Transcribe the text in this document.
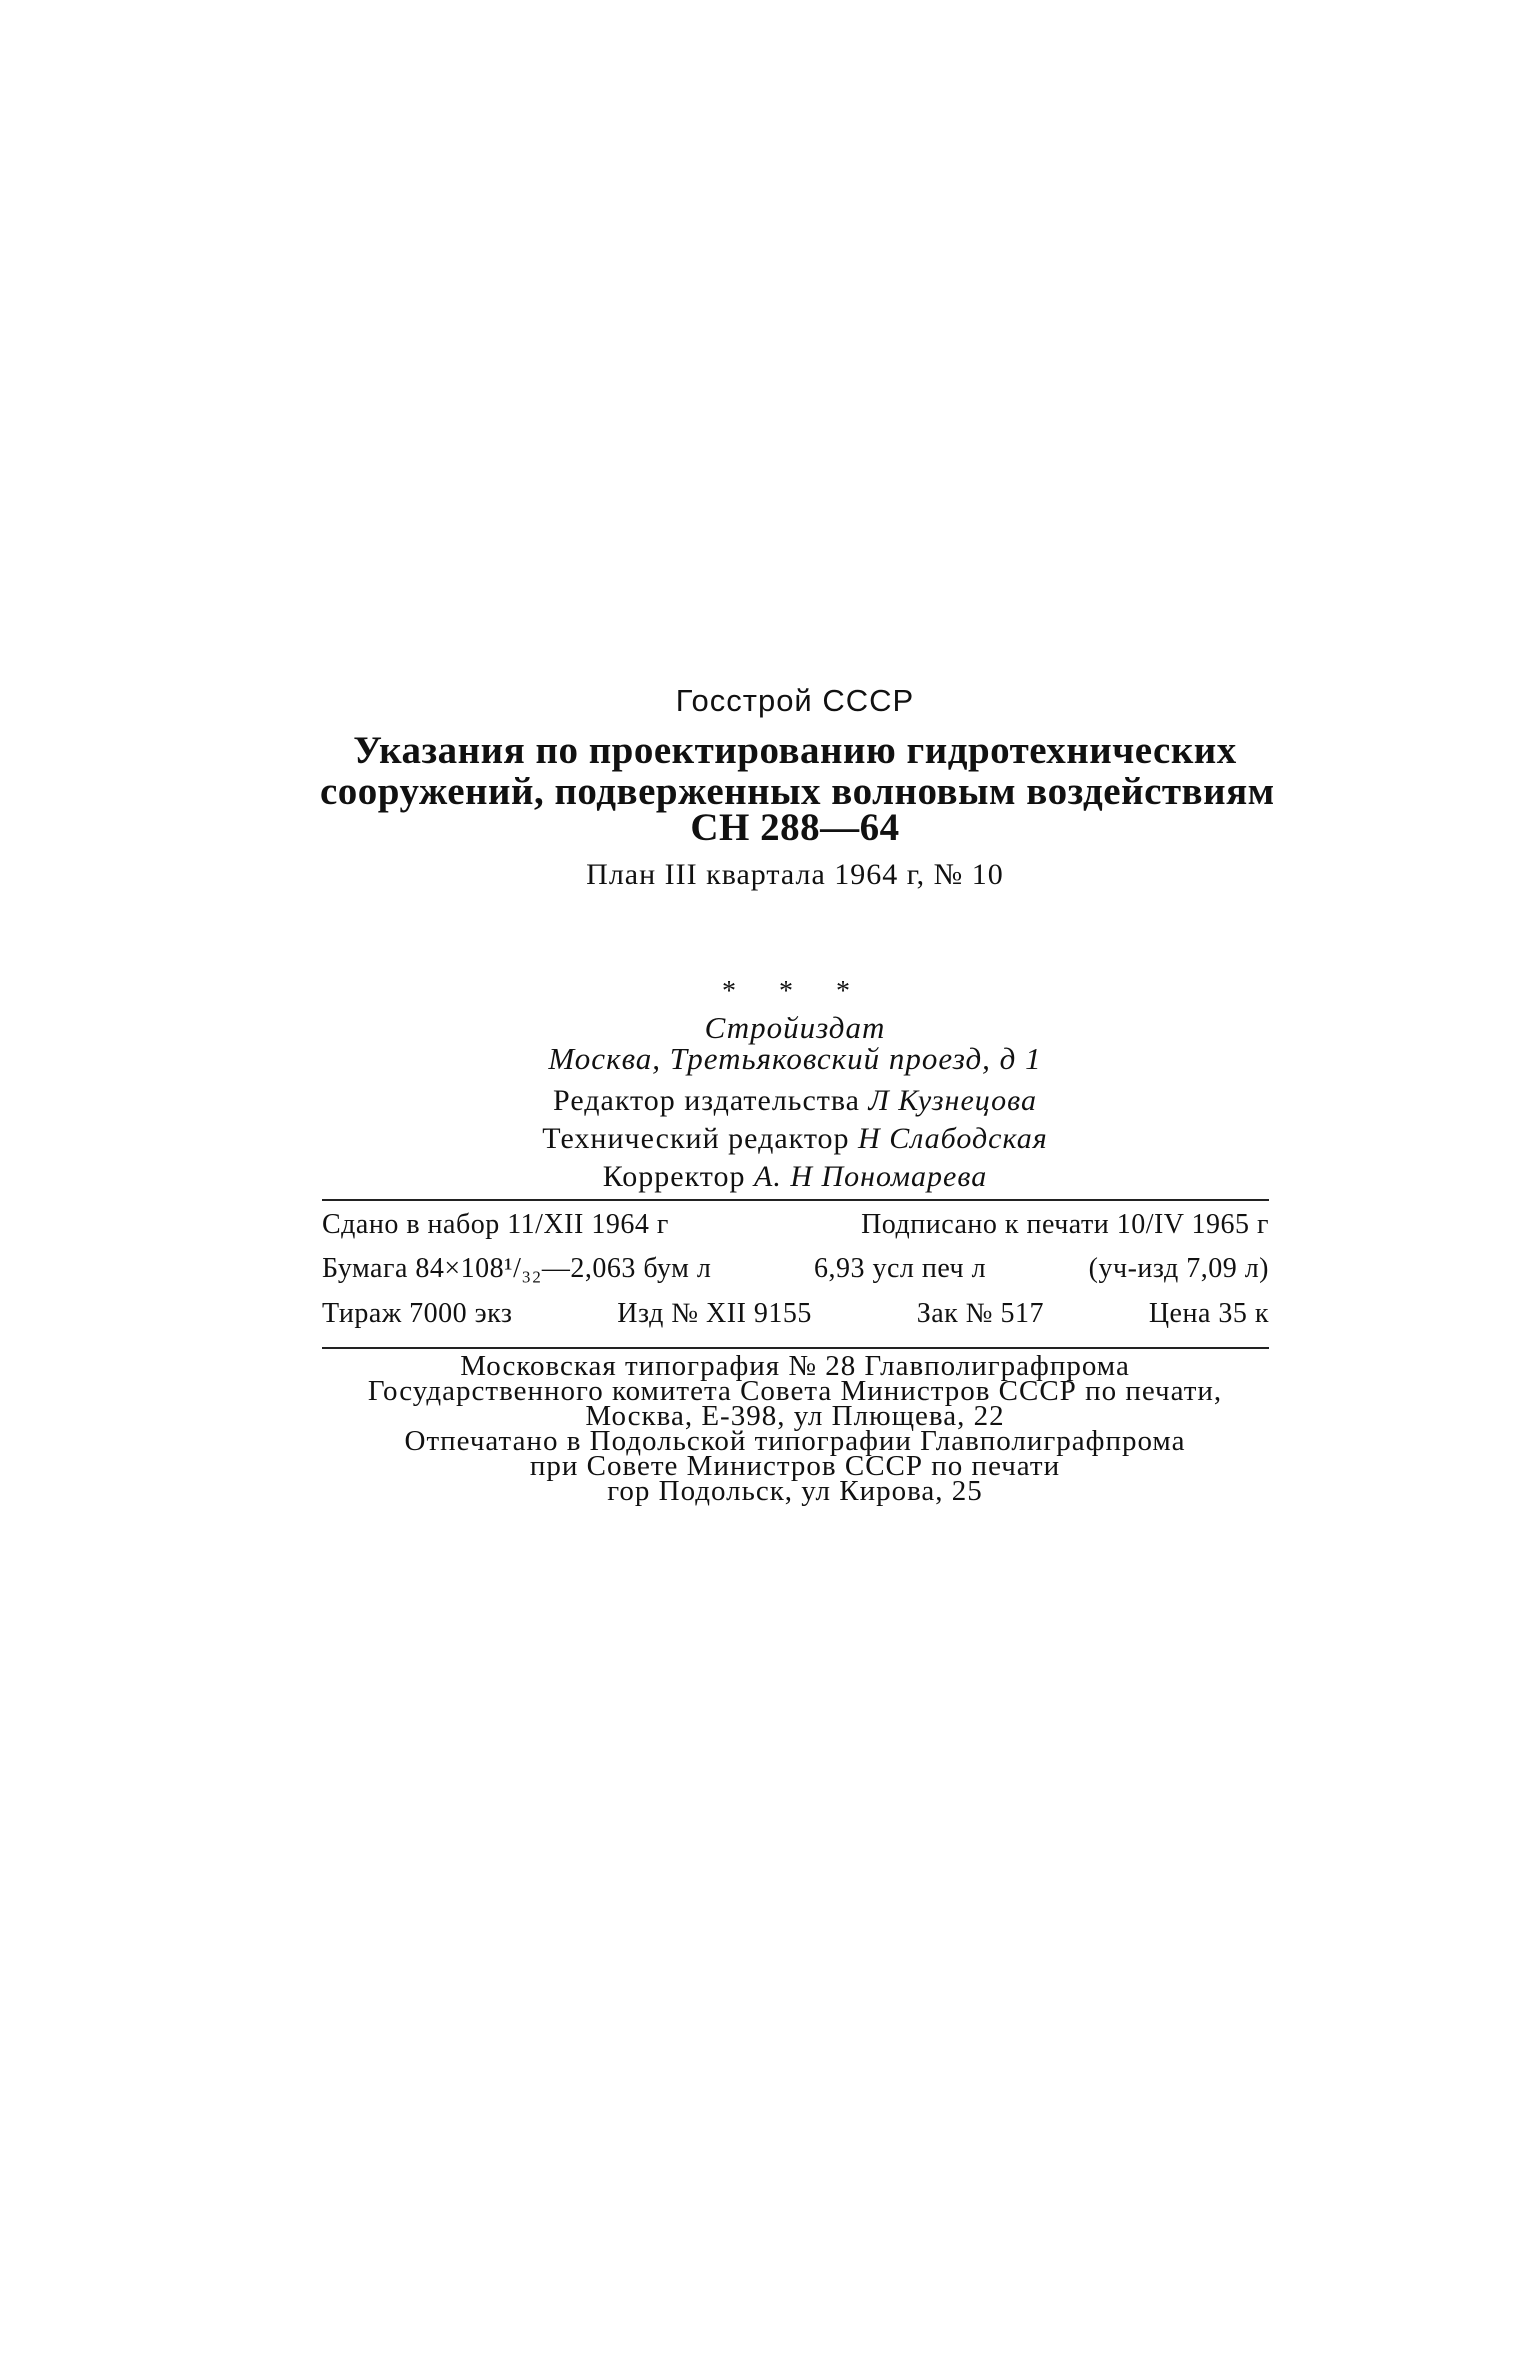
Госстрой СССР
Указания по проектированию гидротехнических
сооружений, подверженных волновым воздействиям
СН 288—64
План III квартала 1964 г, № 10
* * *
Стройиздат
Москва, Третьяковский проезд, д 1
Редактор издательства Л Кузнецова
Технический редактор Н Слабодская
Корректор А. Н Пономарева
Сдано в набор 11/XII 1964 г	Подписано к печати 10/IV 1965 г
Бумага 84×108¹/₃₂—2,063 бум л	6,93 усл печ л	(уч-изд 7,09 л)
Тираж 7000 экз	Изд № XII 9155	Зак № 517	Цена 35 к
Московская типография № 28 Главполиграфпрома
Государственного комитета Совета Министров СССР по печати,
Москва, Е-398, ул Плющева, 22
Отпечатано в Подольской типографии Главполиграфпрома
при Совете Министров СССР по печати
гор Подольск, ул Кирова, 25
